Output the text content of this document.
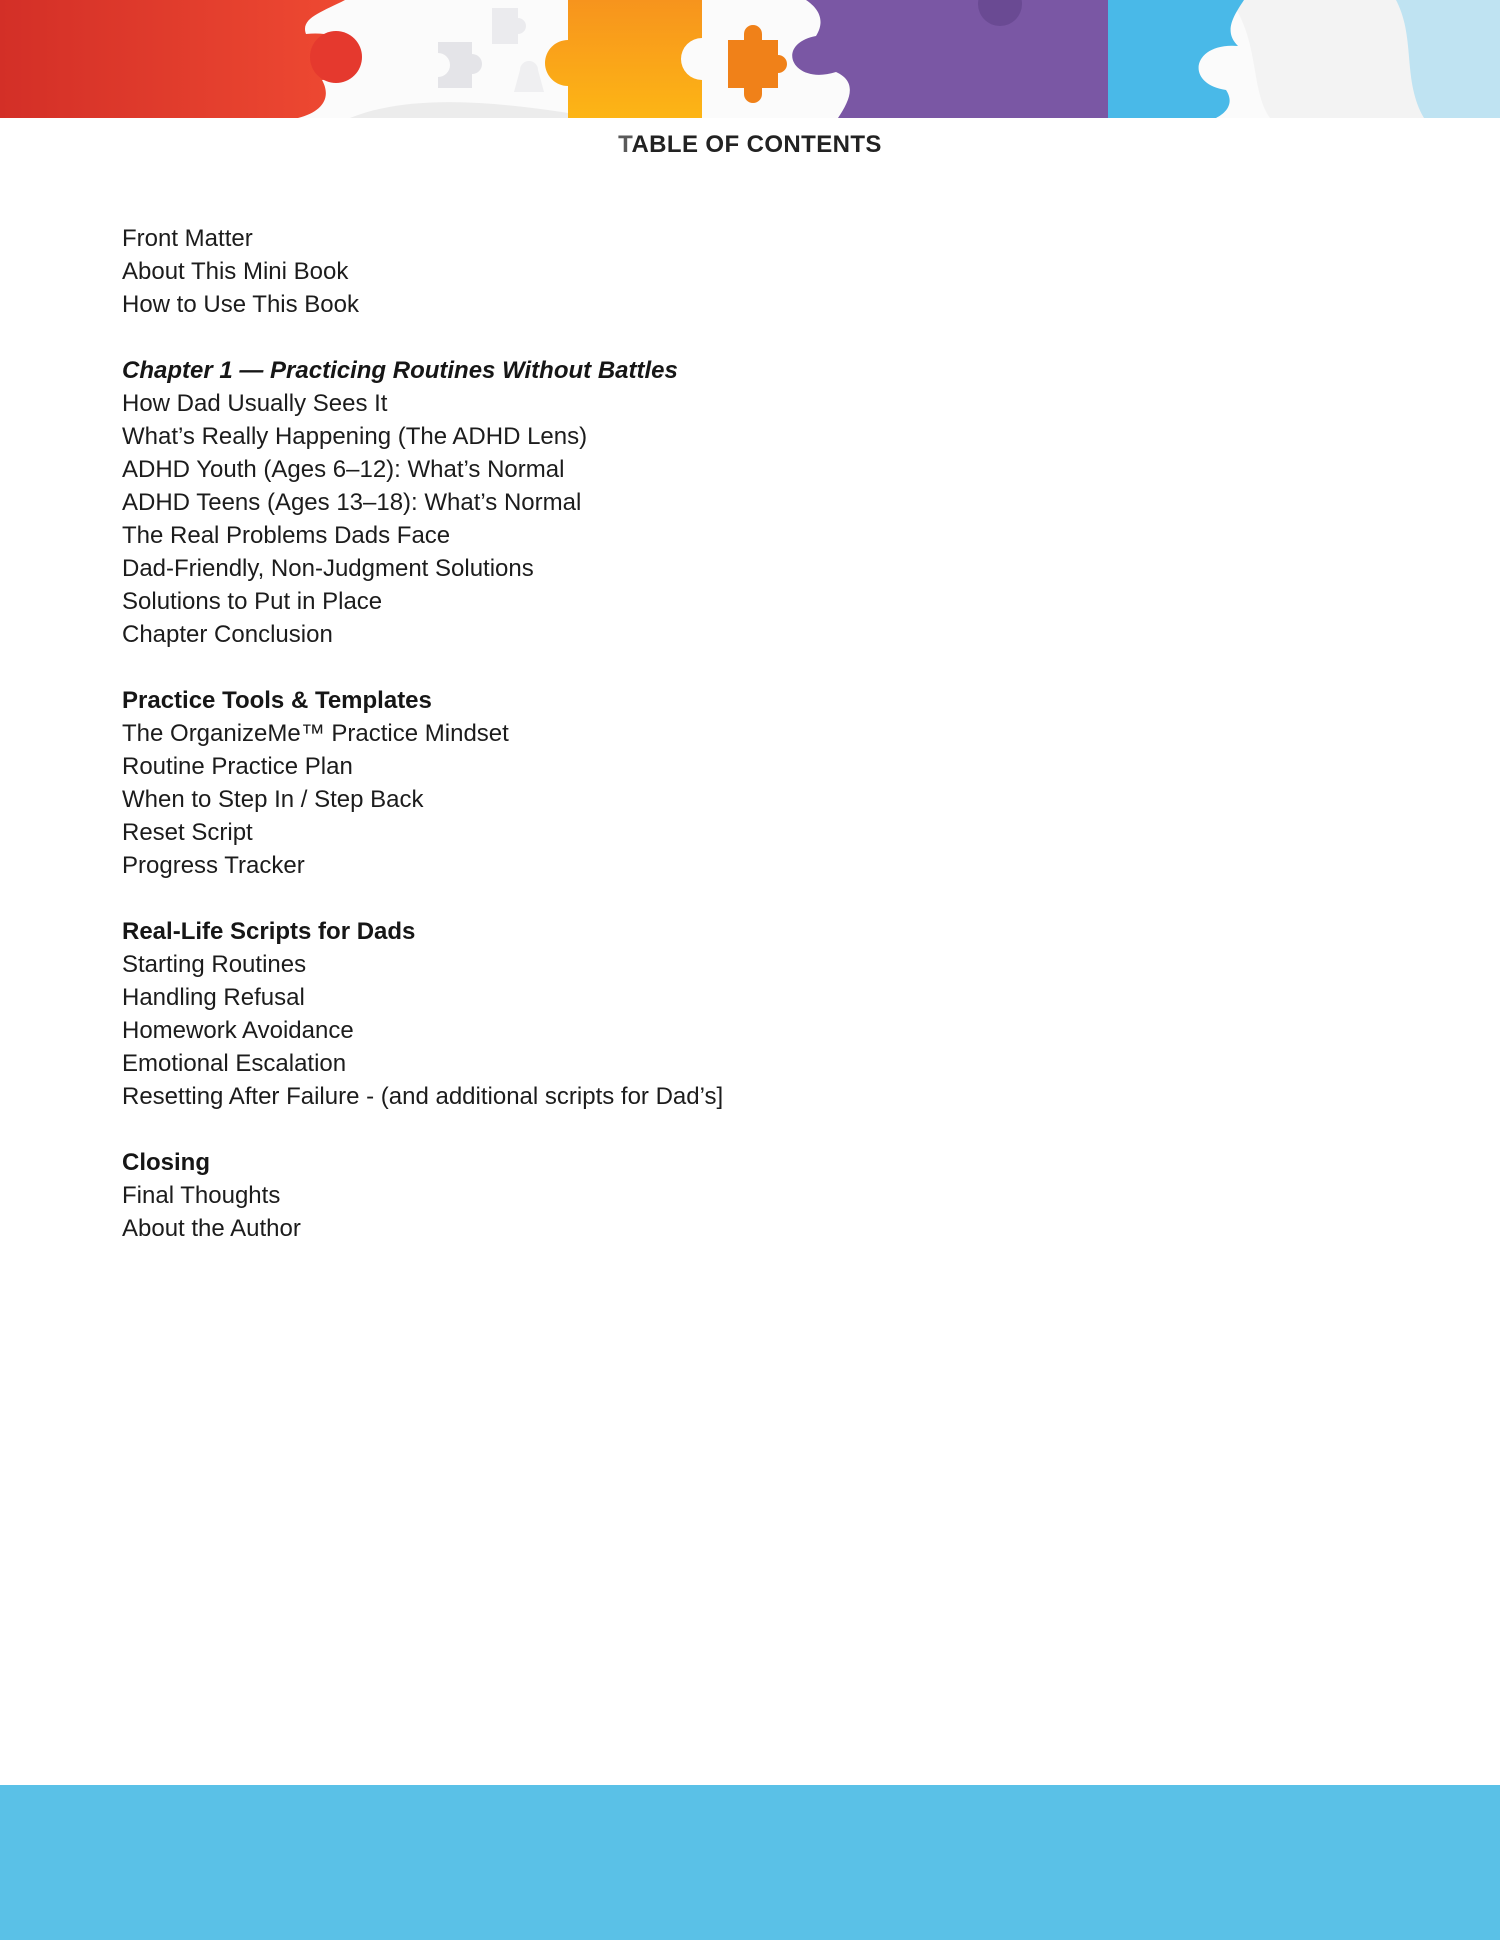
TABLE OF CONTENTS
Front Matter
About This Mini Book
How to Use This Book
Chapter 1 — Practicing Routines Without Battles
How Dad Usually Sees It
What’s Really Happening (The ADHD Lens)
ADHD Youth (Ages 6–12): What’s Normal
ADHD Teens (Ages 13–18): What’s Normal
The Real Problems Dads Face
Dad-Friendly, Non-Judgment Solutions
Solutions to Put in Place
Chapter Conclusion
Practice Tools & Templates
The OrganizeMe™ Practice Mindset
Routine Practice Plan
When to Step In / Step Back
Reset Script
Progress Tracker
Real-Life Scripts for Dads
Starting Routines
Handling Refusal
Homework Avoidance
Emotional Escalation
Resetting After Failure - (and additional scripts for Dad’s]
Closing
Final Thoughts
About the Author
